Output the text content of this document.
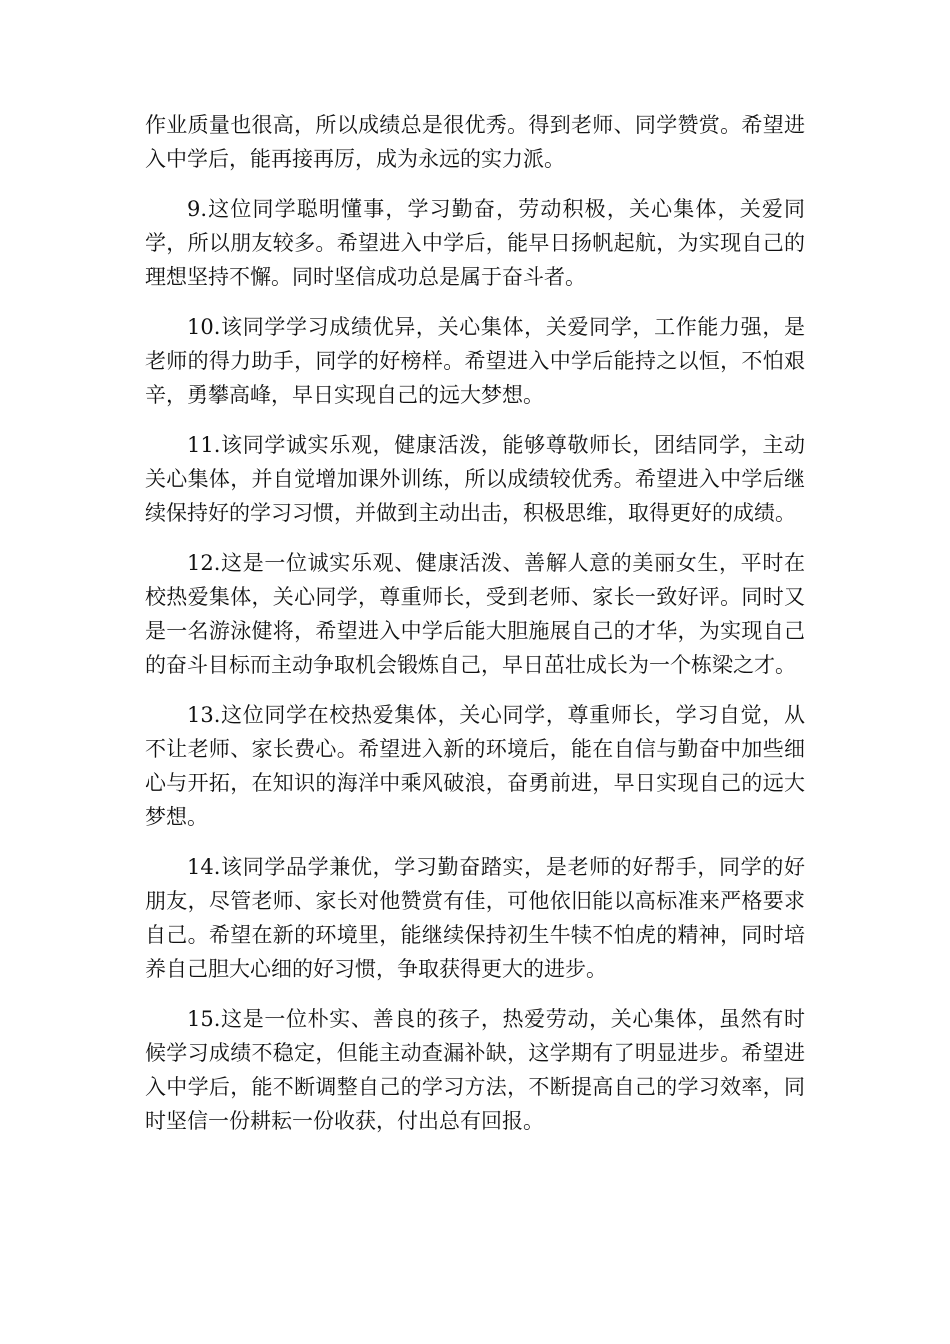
作业质量也很高，所以成绩总是很优秀。得到老师、同学赞赏。希望进入中学后，能再接再厉，成为永远的实力派。

9.这位同学聪明懂事，学习勤奋，劳动积极，关心集体，关爱同学，所以朋友较多。希望进入中学后，能早日扬帆起航，为实现自己的理想坚持不懈。同时坚信成功总是属于奋斗者。

10.该同学学习成绩优异，关心集体，关爱同学，工作能力强，是老师的得力助手，同学的好榜样。希望进入中学后能持之以恒，不怕艰辛，勇攀高峰，早日实现自己的远大梦想。

11.该同学诚实乐观，健康活泼，能够尊敬师长，团结同学，主动关心集体，并自觉增加课外训练，所以成绩较优秀。希望进入中学后继续保持好的学习习惯，并做到主动出击，积极思维，取得更好的成绩。

12.这是一位诚实乐观、健康活泼、善解人意的美丽女生，平时在校热爱集体，关心同学，尊重师长，受到老师、家长一致好评。同时又是一名游泳健将，希望进入中学后能大胆施展自己的才华，为实现自己的奋斗目标而主动争取机会锻炼自己，早日茁壮成长为一个栋梁之才。

13.这位同学在校热爱集体，关心同学，尊重师长，学习自觉，从不让老师、家长费心。希望进入新的环境后，能在自信与勤奋中加些细心与开拓，在知识的海洋中乘风破浪，奋勇前进，早日实现自己的远大梦想。

14.该同学品学兼优，学习勤奋踏实，是老师的好帮手，同学的好朋友，尽管老师、家长对他赞赏有佳，可他依旧能以高标准来严格要求自己。希望在新的环境里，能继续保持初生牛犊不怕虎的精神，同时培养自己胆大心细的好习惯，争取获得更大的进步。

15.这是一位朴实、善良的孩子，热爱劳动，关心集体，虽然有时候学习成绩不稳定，但能主动查漏补缺，这学期有了明显进步。希望进入中学后，能不断调整自己的学习方法，不断提高自己的学习效率，同时坚信一份耕耘一份收获，付出总有回报。
